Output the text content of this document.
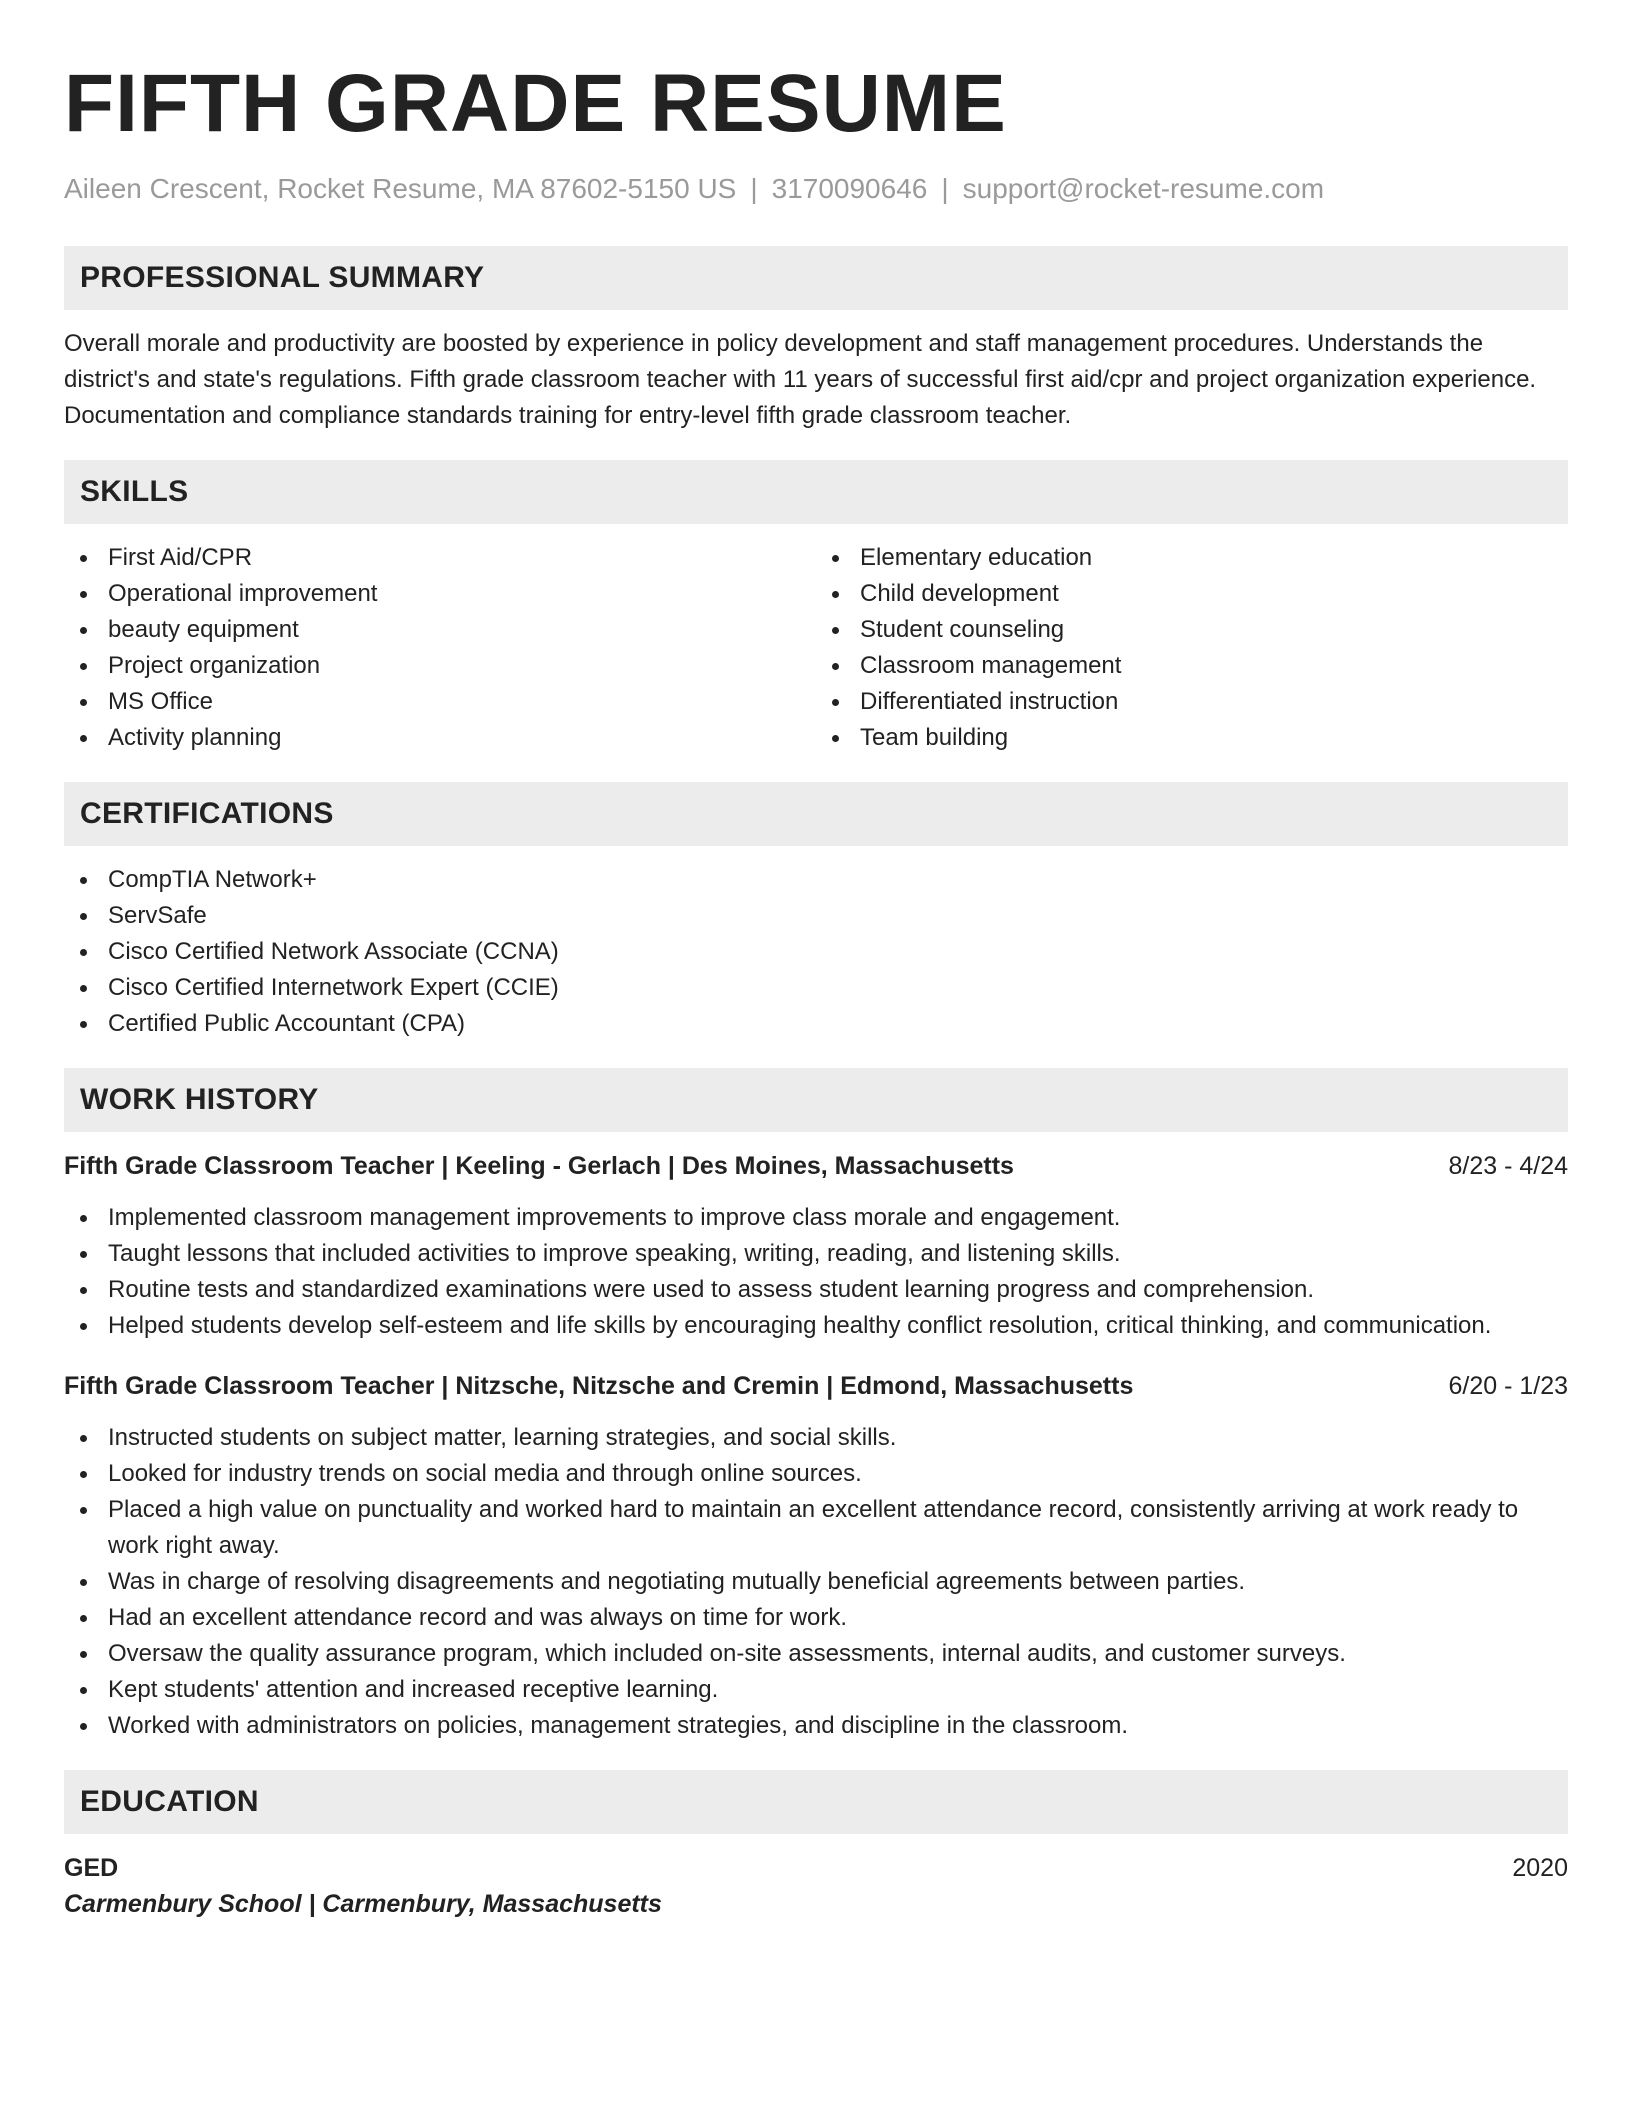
FIFTH GRADE RESUME
Aileen Crescent, Rocket Resume, MA 87602-5150 US | 3170090646 | support@rocket-resume.com
PROFESSIONAL SUMMARY

Overall morale and productivity are boosted by experience in policy development and staff management procedures. Understands the district's and state's regulations. Fifth grade classroom teacher with 11 years of successful first aid/cpr and project organization experience. Documentation and compliance standards training for entry-level fifth grade classroom teacher.

SKILLS
First Aid/CPR
Operational improvement
beauty equipment
Project organization
MS Office
Activity planning
Elementary education
Child development
Student counseling
Classroom management
Differentiated instruction
Team building
CERTIFICATIONS
CompTIA Network+
ServSafe
Cisco Certified Network Associate (CCNA)
Cisco Certified Internetwork Expert (CCIE)
Certified Public Accountant (CPA)
WORK HISTORY
Fifth Grade Classroom Teacher | Keeling - Gerlach | Des Moines, Massachusetts	8/23 - 4/24
Implemented classroom management improvements to improve class morale and engagement.
Taught lessons that included activities to improve speaking, writing, reading, and listening skills.
Routine tests and standardized examinations were used to assess student learning progress and comprehension.
Helped students develop self-esteem and life skills by encouraging healthy conflict resolution, critical thinking, and communication.
Fifth Grade Classroom Teacher | Nitzsche, Nitzsche and Cremin | Edmond, Massachusetts	6/20 - 1/23
Instructed students on subject matter, learning strategies, and social skills.
Looked for industry trends on social media and through online sources.
Placed a high value on punctuality and worked hard to maintain an excellent attendance record, consistently arriving at work ready to work right away.
Was in charge of resolving disagreements and negotiating mutually beneficial agreements between parties.
Had an excellent attendance record and was always on time for work.
Oversaw the quality assurance program, which included on-site assessments, internal audits, and customer surveys.
Kept students' attention and increased receptive learning.
Worked with administrators on policies, management strategies, and discipline in the classroom.
EDUCATION
GED	2020
Carmenbury School | Carmenbury, Massachusetts
